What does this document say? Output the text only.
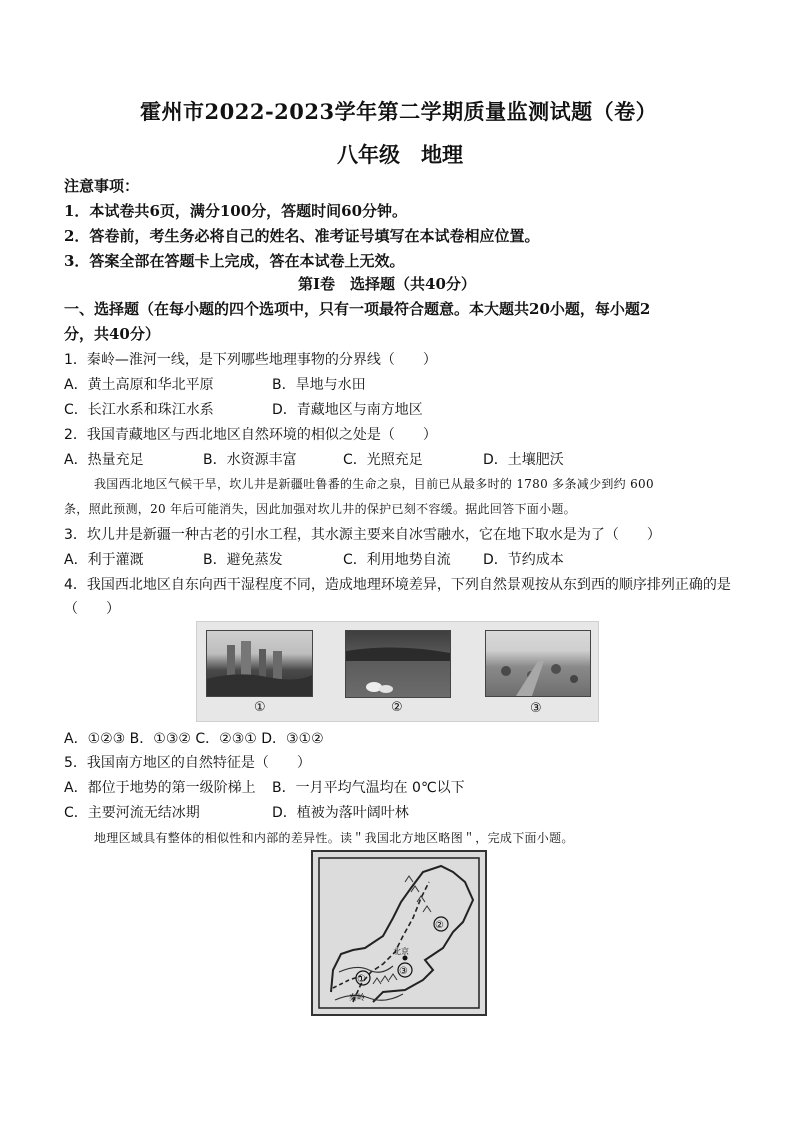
霍州市2022-2023学年第二学期质量监测试题（卷）
八年级　地理
注意事项：
1．本试卷共6页，满分100分，答题时间60分钟。
2．答卷前，考生务必将自己的姓名、准考证号填写在本试卷相应位置。
3．答案全部在答题卡上完成，答在本试卷上无效。
第Ⅰ卷　选择题（共40分）
一、选择题（在每小题的四个选项中，只有一项最符合题意。本大题共20小题，每小题2
分，共40分）
1．秦岭—淮河一线，是下列哪些地理事物的分界线（　　）
A．黄土高原和华北平原	B．旱地与水田
C．长江水系和珠江水系	D．青藏地区与南方地区
2．我国青藏地区与西北地区自然环境的相似之处是（　　）
A．热量充足	B．水资源丰富	C．光照充足	D．土壤肥沃
我国西北地区气候干旱，坎儿井是新疆吐鲁番的生命之泉，目前已从最多时的 1780 多条减少到约 600
条，照此预测，20 年后可能消失，因此加强对坎儿井的保护已刻不容缓。据此回答下面小题。
3．坎儿井是新疆一种古老的引水工程，其水源主要来自冰雪融水，它在地下取水是为了（　　）
A．利于灌溉	B．避免蒸发	C．利用地势自流 D．节约成本
4．我国西北地区自东向西干湿程度不同，造成地理环境差异，下列自然景观按从东到西的顺序排列正确的是
（　　）
①	②	③
A．①②③ B．①③② C．②③① D．③①②
5．我国南方地区的自然特征是（　　）
A．都位于地势的第一级阶梯上 B．一月平均气温均在 0℃以下
C．主要河流无结冰期	D．植被为落叶阔叶林
地理区域具有整体的相似性和内部的差异性。读＂我国北方地区略图＂，完成下面小题。
①
②
③
北京
秦岭
